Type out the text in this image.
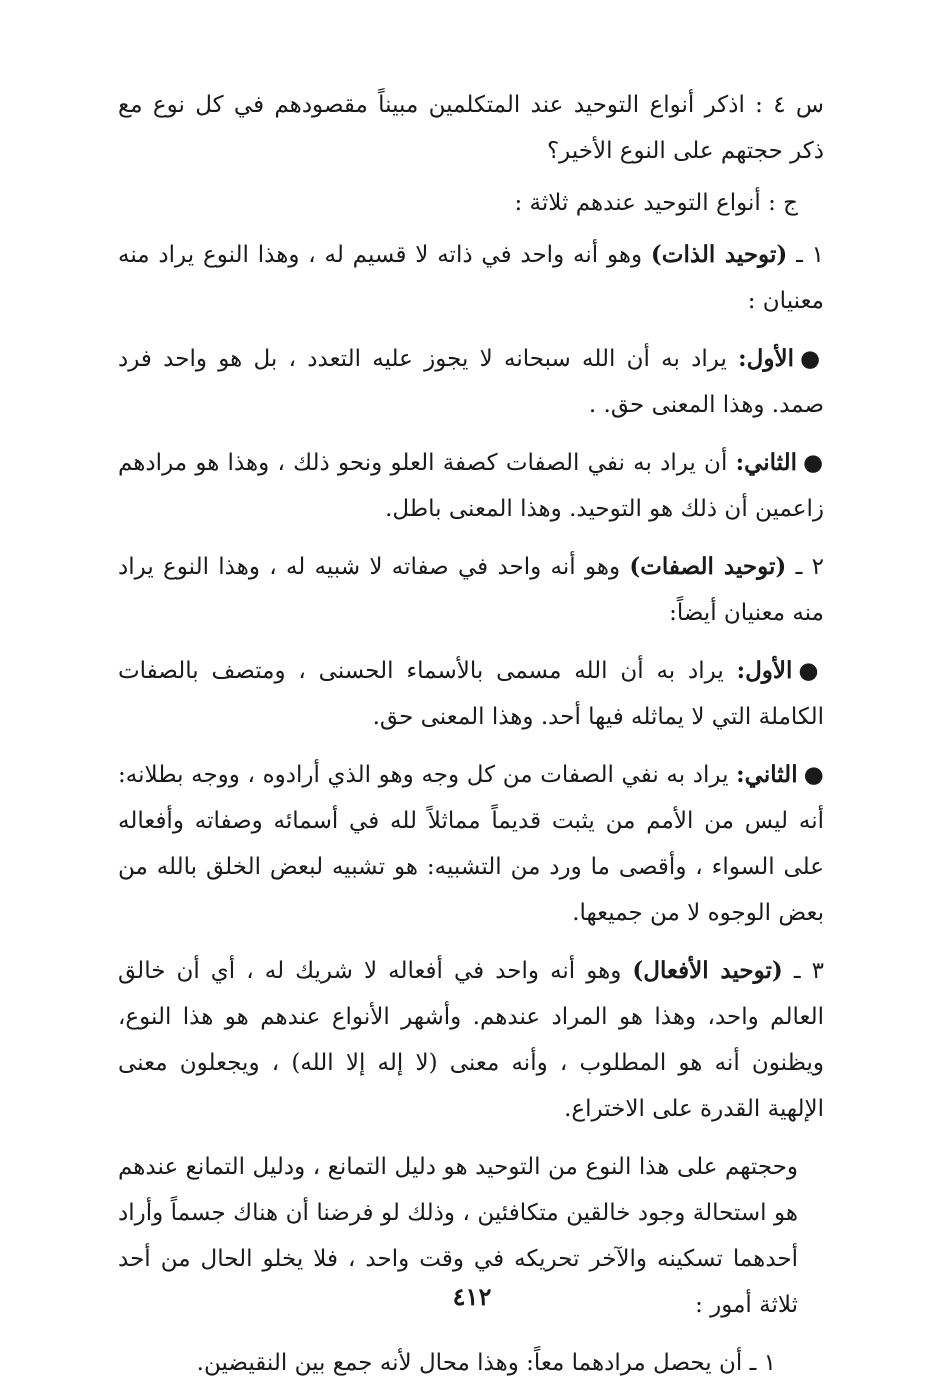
س ٤ : اذكر أنواع التوحيد عند المتكلمين مبيناً مقصودهم في كل نوع مع ذكر حجتهم على النوع الأخير؟

ج : أنواع التوحيد عندهم ثلاثة :

١ ـ (توحيد الذات) وهو أنه واحد في ذاته لا قسيم له ، وهذا النوع يراد منه معنيان :

●الأول: يراد به أن الله سبحانه لا يجوز عليه التعدد ، بل هو واحد فرد صمد. وهذا المعنى حق. .

●الثاني: أن يراد به نفي الصفات كصفة العلو ونحو ذلك ، وهذا هو مرادهم زاعمين أن ذلك هو التوحيد. وهذا المعنى باطل.

٢ ـ (توحيد الصفات) وهو أنه واحد في صفاته لا شبيه له ، وهذا النوع يراد منه معنيان أيضاً:

●الأول: يراد به أن الله مسمى بالأسماء الحسنى ، ومتصف بالصفات الكاملة التي لا يماثله فيها أحد. وهذا المعنى حق.

●الثاني: يراد به نفي الصفات من كل وجه وهو الذي أرادوه ، ووجه بطلانه: أنه ليس من الأمم من يثبت قديماً مماثلاً لله في أسمائه وصفاته وأفعاله على السواء ، وأقصى ما ورد من التشبيه: هو تشبيه لبعض الخلق بالله من بعض الوجوه لا من جميعها.

٣ ـ (توحيد الأفعال) وهو أنه واحد في أفعاله لا شريك له ، أي أن خالق العالم واحد، وهذا هو المراد عندهم. وأشهر الأنواع عندهم هو هذا النوع، ويظنون أنه هو المطلوب ، وأنه معنى (لا إله إلا الله) ، ويجعلون معنى الإلهية القدرة على الاختراع.

وحجتهم على هذا النوع من التوحيد هو دليل التمانع ، ودليل التمانع عندهم هو استحالة وجود خالقين متكافئين ، وذلك لو فرضنا أن هناك جسماً وأراد أحدهما تسكينه والآخر تحريكه في وقت واحد ، فلا يخلو الحال من أحد ثلاثة أمور :

١ ـ أن يحصل مرادهما معاً: وهذا محال لأنه جمع بين النقيضين.

٤١٢
